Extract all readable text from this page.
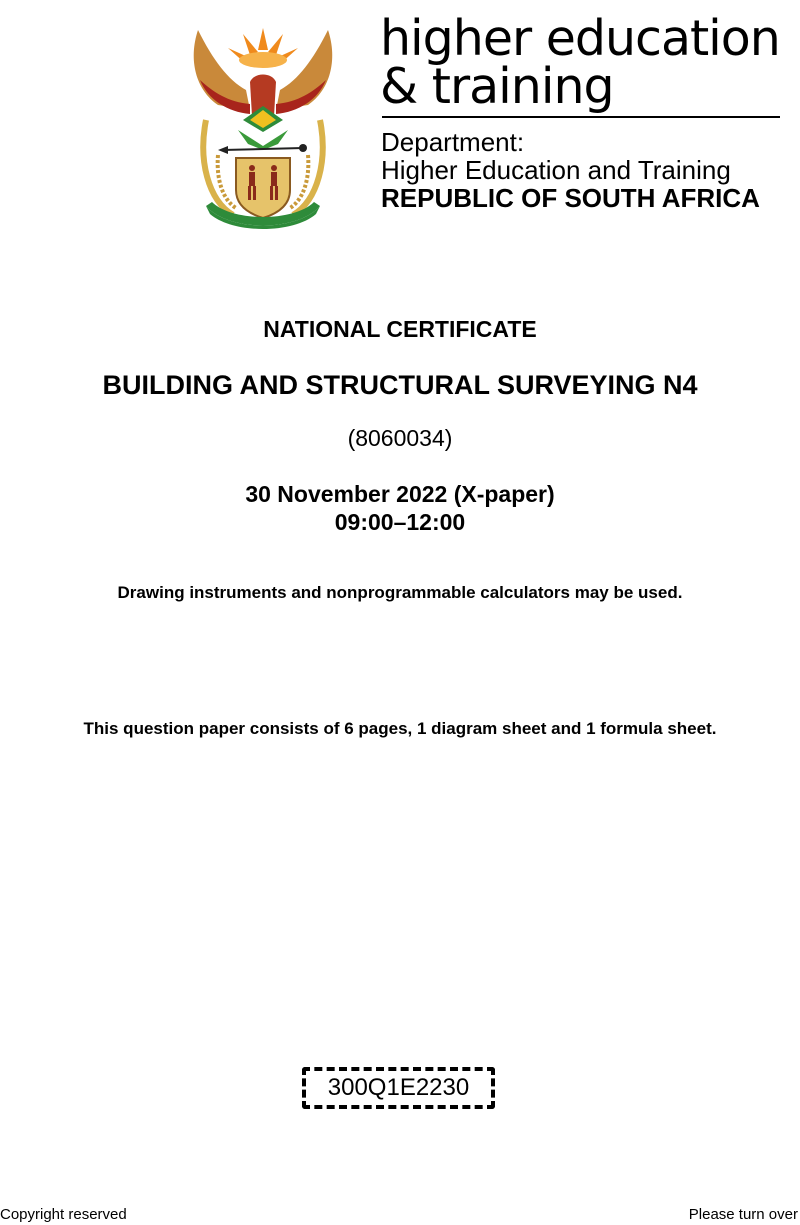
higher education
& training
Department:
Higher Education and Training
REPUBLIC OF SOUTH AFRICA
NATIONAL CERTIFICATE
BUILDING AND STRUCTURAL SURVEYING N4
(8060034)
30 November 2022 (X-paper)
09:00–12:00
Drawing instruments and nonprogrammable calculators may be used.
This question paper consists of 6 pages, 1 diagram sheet and 1 formula sheet.
300Q1E2230
Copyright reserved	Please turn over
